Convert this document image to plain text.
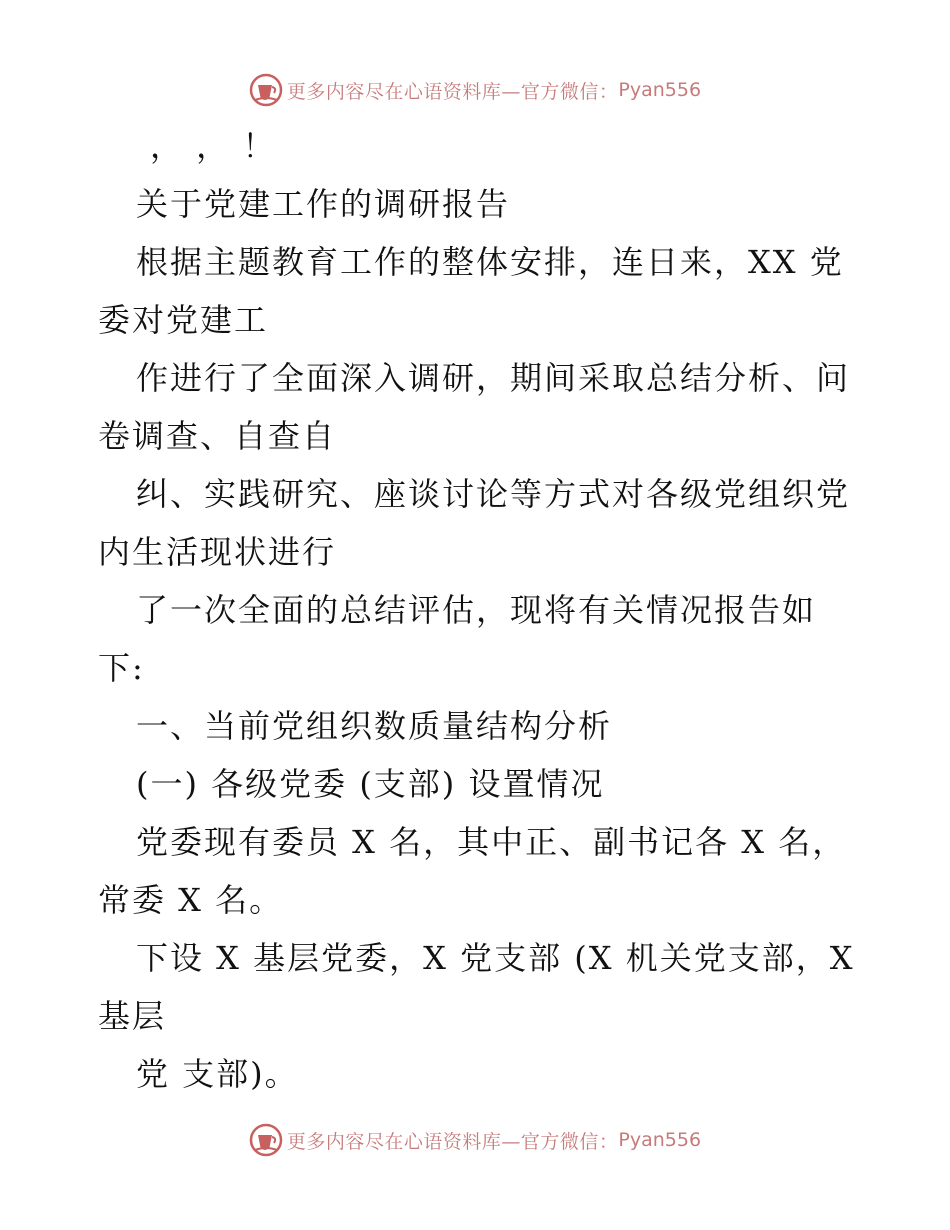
更多内容尽在心语资料库—官方微信： Pyan556
， ， ！
关于党建工作的调研报告
根据主题教育工作的整体安排，连日来，XX 党
委对党建工
作进行了全面深入调研，期间采取总结分析、问
卷调查、自查自
纠、实践研究、座谈讨论等方式对各级党组织党
内生活现状进行
了一次全面的总结评估，现将有关情况报告如
下:
一、当前党组织数质量结构分析
(一) 各级党委 (支部) 设置情况
党委现有委员 X 名，其中正、副书记各 X 名，
常委 X 名。
下设 X 基层党委，X 党支部 (X 机关党支部，X
基层
党 支部)。
更多内容尽在心语资料库—官方微信： Pyan556
